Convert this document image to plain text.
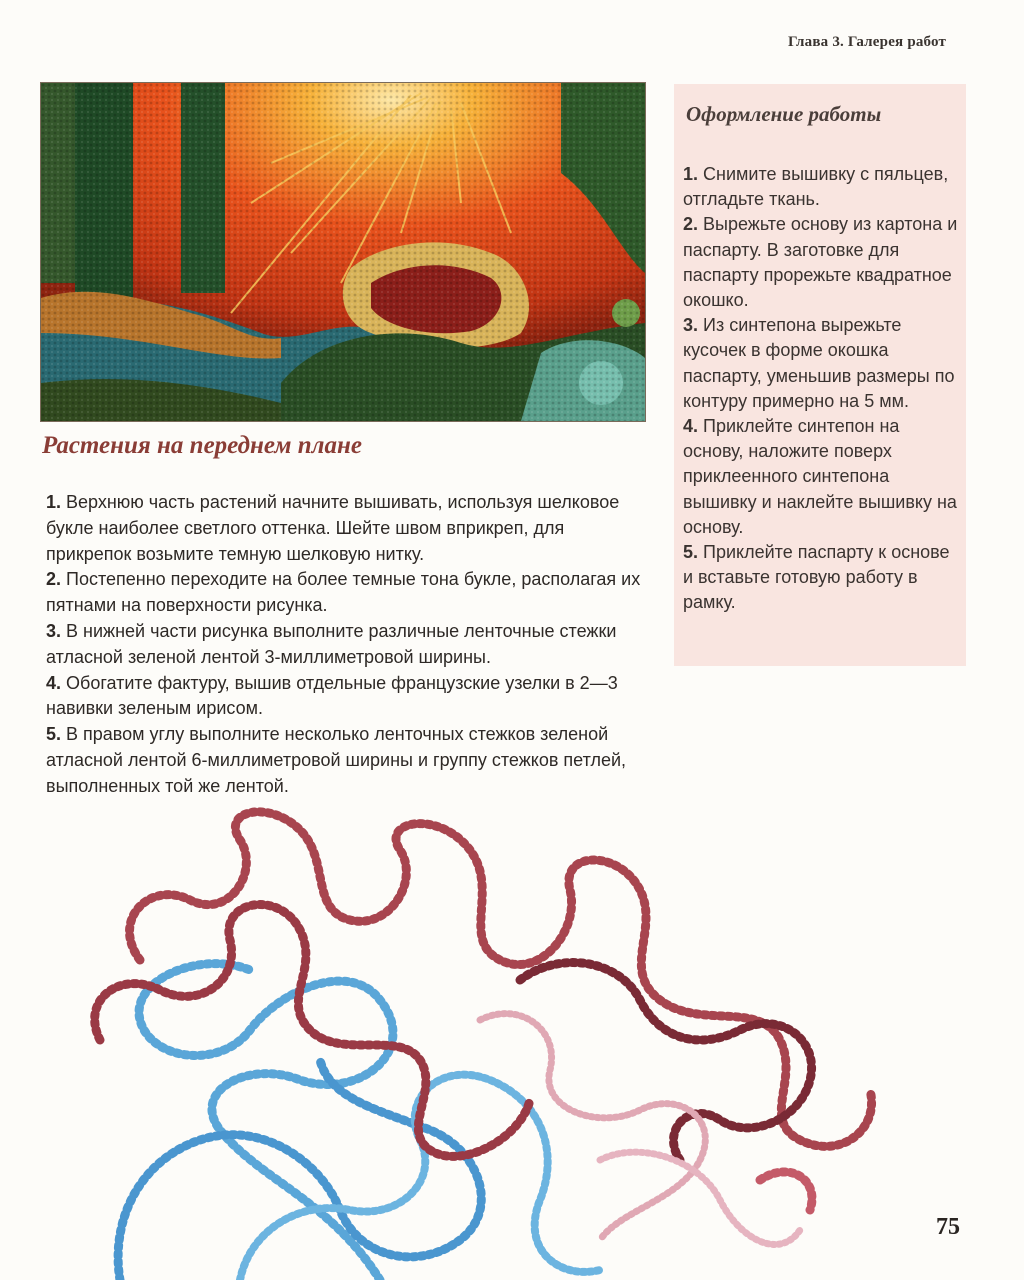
Глава 3. Галерея работ
Оформление работы

1. Снимите вышивку с пяльцев, отгладьте ткань.

2. Вырежьте основу из картона и паспарту. В заготовке для паспарту прорежьте квадратное окошко.

3. Из синтепона вырежьте кусочек в форме окошка паспарту, уменьшив размеры по контуру примерно на 5 мм.

4. Приклейте синтепон на основу, наложите поверх приклеенного синтепона вышивку и наклейте вышивку на основу.

5. Приклейте паспарту к основе и вставьте готовую работу в рамку.

Растения на переднем плане

1. Верхнюю часть растений начните вышивать, используя шелковое букле наиболее светлого оттенка. Шейте швом вприкреп, для прикрепок возьмите темную шелковую нитку.

2. Постепенно переходите на более темные тона букле, располагая их пятнами на поверхности рисунка.

3. В нижней части рисунка выполните различные ленточные стежки атласной зеленой лентой 3-миллиметровой ширины.

4. Обогатите фактуру, вышив отдельные французские узелки в 2—3 навивки зеленым ирисом.

5. В правом углу выполните несколько ленточных стежков зеленой атласной лентой 6-миллиметровой ширины и группу стежков петлей, выполненных той же лентой.

75
